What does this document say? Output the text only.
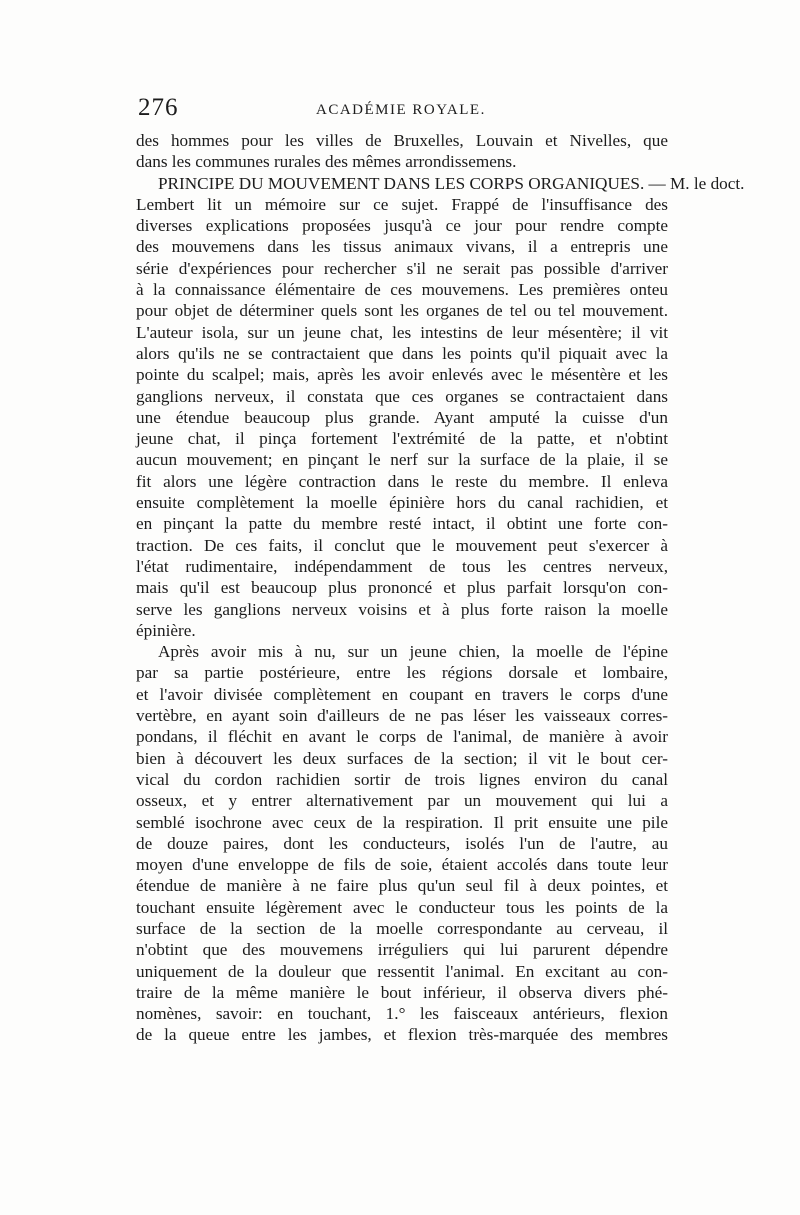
276	ACADÉMIE ROYALE.
des hommes pour les villes de Bruxelles, Louvain et Nivelles, que
dans les communes rurales des mêmes arrondissemens.
PRINCIPE DU MOUVEMENT DANS LES CORPS ORGANIQUES. — M. le doct.
Lembert lit un mémoire sur ce sujet. Frappé de l'insuffisance des
diverses explications proposées jusqu'à ce jour pour rendre compte
des mouvemens dans les tissus animaux vivans, il a entrepris une
série d'expériences pour rechercher s'il ne serait pas possible d'arriver
à la connaissance élémentaire de ces mouvemens. Les premières onteu
pour objet de déterminer quels sont les organes de tel ou tel mouvement.
L'auteur isola, sur un jeune chat, les intestins de leur mésentère; il vit
alors qu'ils ne se contractaient que dans les points qu'il piquait avec la
pointe du scalpel; mais, après les avoir enlevés avec le mésentère et les
ganglions nerveux, il constata que ces organes se contractaient dans
une étendue beaucoup plus grande. Ayant amputé la cuisse d'un
jeune chat, il pinça fortement l'extrémité de la patte, et n'obtint
aucun mouvement; en pinçant le nerf sur la surface de la plaie, il se
fit alors une légère contraction dans le reste du membre. Il enleva
ensuite complètement la moelle épinière hors du canal rachidien, et
en pinçant la patte du membre resté intact, il obtint une forte con-
traction. De ces faits, il conclut que le mouvement peut s'exercer à
l'état rudimentaire, indépendamment de tous les centres nerveux,
mais qu'il est beaucoup plus prononcé et plus parfait lorsqu'on con-
serve les ganglions nerveux voisins et à plus forte raison la moelle
épinière.
Après avoir mis à nu, sur un jeune chien, la moelle de l'épine
par sa partie postérieure, entre les régions dorsale et lombaire,
et l'avoir divisée complètement en coupant en travers le corps d'une
vertèbre, en ayant soin d'ailleurs de ne pas léser les vaisseaux corres-
pondans, il fléchit en avant le corps de l'animal, de manière à avoir
bien à découvert les deux surfaces de la section; il vit le bout cer-
vical du cordon rachidien sortir de trois lignes environ du canal
osseux, et y entrer alternativement par un mouvement qui lui a
semblé isochrone avec ceux de la respiration. Il prit ensuite une pile
de douze paires, dont les conducteurs, isolés l'un de l'autre, au
moyen d'une enveloppe de fils de soie, étaient accolés dans toute leur
étendue de manière à ne faire plus qu'un seul fil à deux pointes, et
touchant ensuite légèrement avec le conducteur tous les points de la
surface de la section de la moelle correspondante au cerveau, il
n'obtint que des mouvemens irréguliers qui lui parurent dépendre
uniquement de la douleur que ressentit l'animal. En excitant au con-
traire de la même manière le bout inférieur, il observa divers phé-
nomènes, savoir: en touchant, 1.° les faisceaux antérieurs, flexion
de la queue entre les jambes, et flexion très-marquée des membres
